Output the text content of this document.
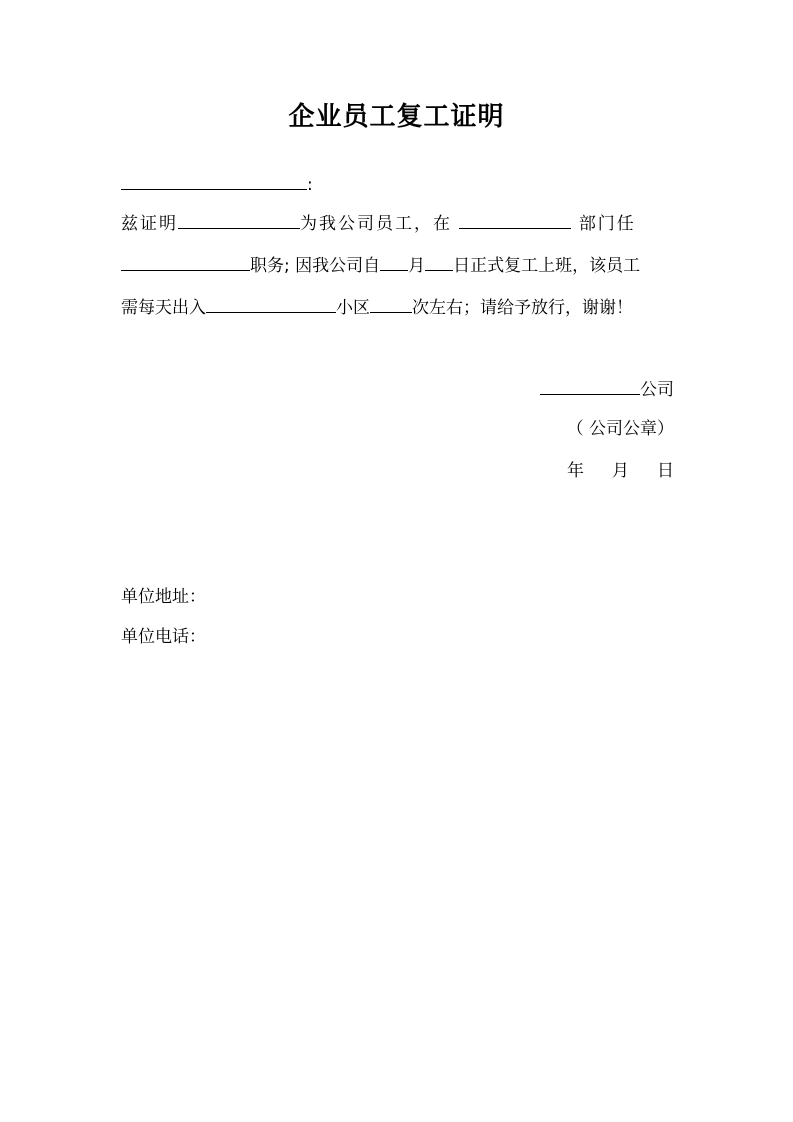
企业员工复工证明
:
兹证明	为我公司员工，在	部门任
职务; 因我公司自 月 日正式复工上班，该员工
需每天出入	小区 次左右；请给予放行，谢谢！
公司
（ 公司公章）
年 月 日
单位地址：
单位电话：
